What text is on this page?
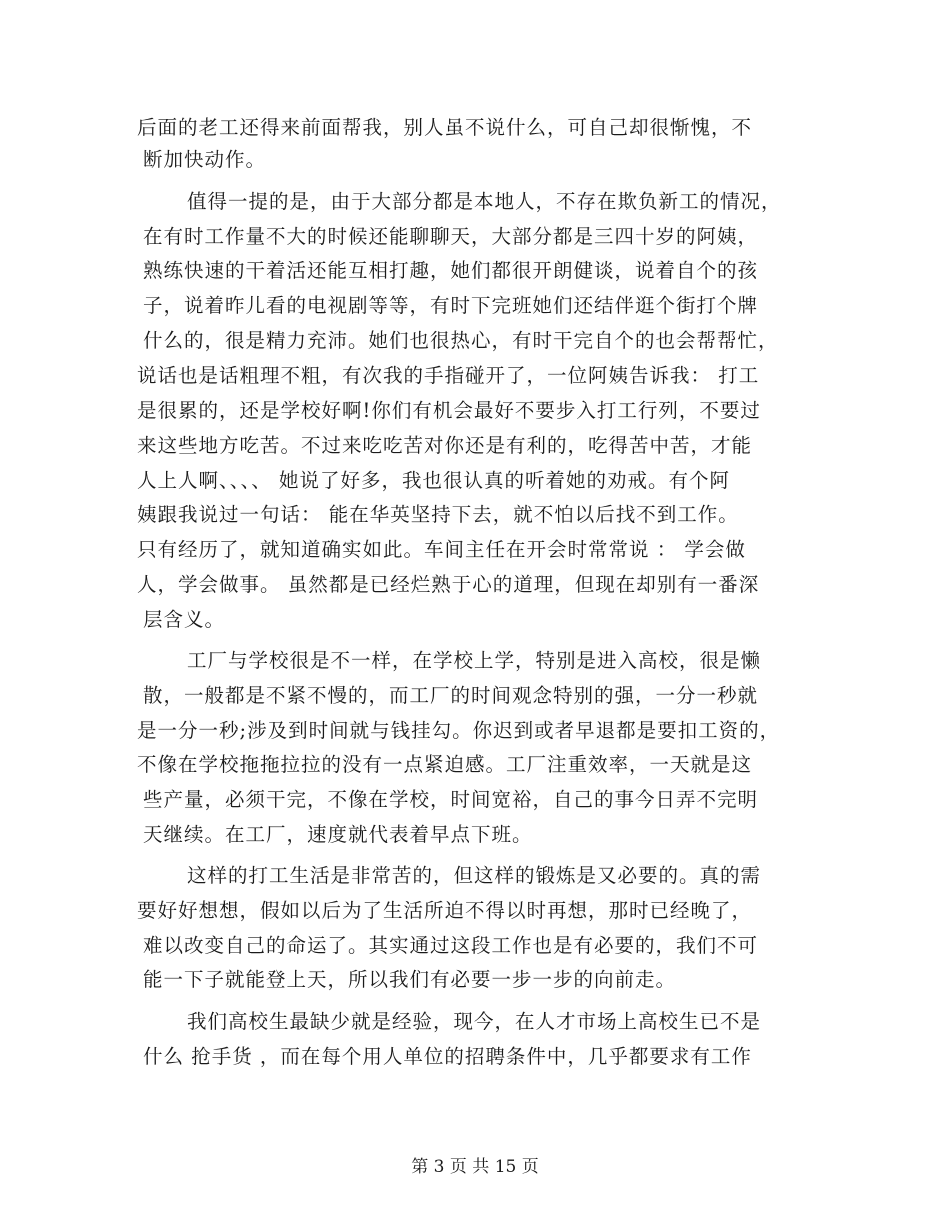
后面的老工还得来前面帮我，别人虽不说什么，可自己却很惭愧，不
断加快动作。
值得一提的是，由于大部分都是本地人，不存在欺负新工的情况，
在有时工作量不大的时候还能聊聊天，大部分都是三四十岁的阿姨，
熟练快速的干着活还能互相打趣，她们都很开朗健谈，说着自个的孩
子，说着昨儿看的电视剧等等，有时下完班她们还结伴逛个街打个牌
什么的，很是精力充沛。她们也很热心，有时干完自个的也会帮帮忙，
说话也是话粗理不粗，有次我的手指碰开了，一位阿姨告诉我： 打工
是很累的，还是学校好啊!你们有机会最好不要步入打工行列，不要过
来这些地方吃苦。不过来吃吃苦对你还是有利的，吃得苦中苦，才能
人上人啊、、、、 她说了好多，我也很认真的听着她的劝戒。有个阿
姨跟我说过一句话： 能在华英坚持下去，就不怕以后找不到工作。
只有经历了，就知道确实如此。车间主任在开会时常常说 ： 学会做
人，学会做事。 虽然都是已经烂熟于心的道理，但现在却别有一番深
层含义。
工厂与学校很是不一样，在学校上学，特别是进入高校，很是懒
散，一般都是不紧不慢的，而工厂的时间观念特别的强，一分一秒就
是一分一秒;涉及到时间就与钱挂勾。你迟到或者早退都是要扣工资的，
不像在学校拖拖拉拉的没有一点紧迫感。工厂注重效率，一天就是这
些产量，必须干完，不像在学校，时间宽裕，自己的事今日弄不完明
天继续。在工厂，速度就代表着早点下班。
这样的打工生活是非常苦的，但这样的锻炼是又必要的。真的需
要好好想想，假如以后为了生活所迫不得以时再想，那时已经晚了，
难以改变自己的命运了。其实通过这段工作也是有必要的，我们不可
能一下子就能登上天，所以我们有必要一步一步的向前走。
我们高校生最缺少就是经验，现今，在人才市场上高校生已不是
什么 抢手货 ，而在每个用人单位的招聘条件中，几乎都要求有工作
第 3 页 共 15 页
